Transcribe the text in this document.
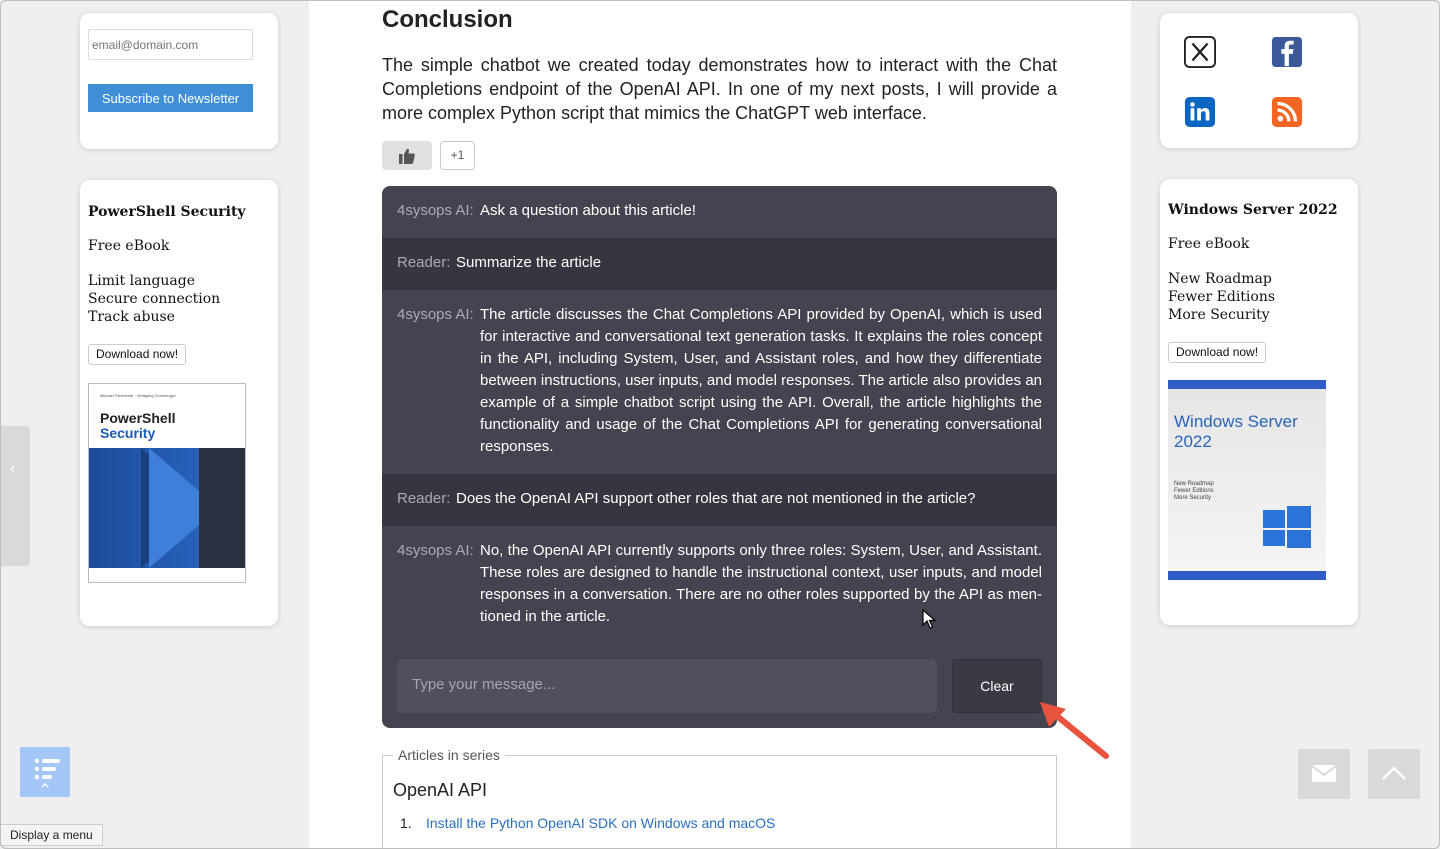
email@domain.com
Subscribe to Newsletter
PowerShell Security
Free eBook
Limit language
Secure connection
Track abuse
Download now!
Michael Pietroforte · Wolfgang Sommergut
PowerShell
Security
‹
Windows Server 2022
Free eBook
New Roadmap
Fewer Editions
More Security
Download now!
Windows Server 2022
New Roadmap
Fewer Editions
More Security
Conclusion

The simple chatbot we created today demonstrates how to interact with the Chat Completions endpoint of the OpenAI API. In one of my next posts, I will provide a more complex Python script that mimics the ChatGPT web interface.

+1
4sysops AI: Ask a question about this article!
Reader: Summarize the article
4sysops AI: The article discusses the Chat Completions API provided by OpenAI, which is used for interactive and conversational text generation tasks. It explains the roles concept in the API, including System, User, and Assistant roles, and how they differentiate between instructions, user inputs, and model responses. The article also provides an example of a simple chatbot script using the API. Overall, the article highlights the functionality and usage of the Chat Completions API for generating conversational responses.
Reader: Does the OpenAI API support other roles that are not mentioned in the article?
4sysops AI: No, the OpenAI API currently supports only three roles: System, User, and Assistant. These roles are designed to handle the instructional context, user inputs, and model responses in a conversation. There are no other roles supported by the API as men-tioned in the article.
Type your message...	Clear
Articles in series
OpenAI API
1. Install the Python OpenAI SDK on Windows and macOS
Display a menu
